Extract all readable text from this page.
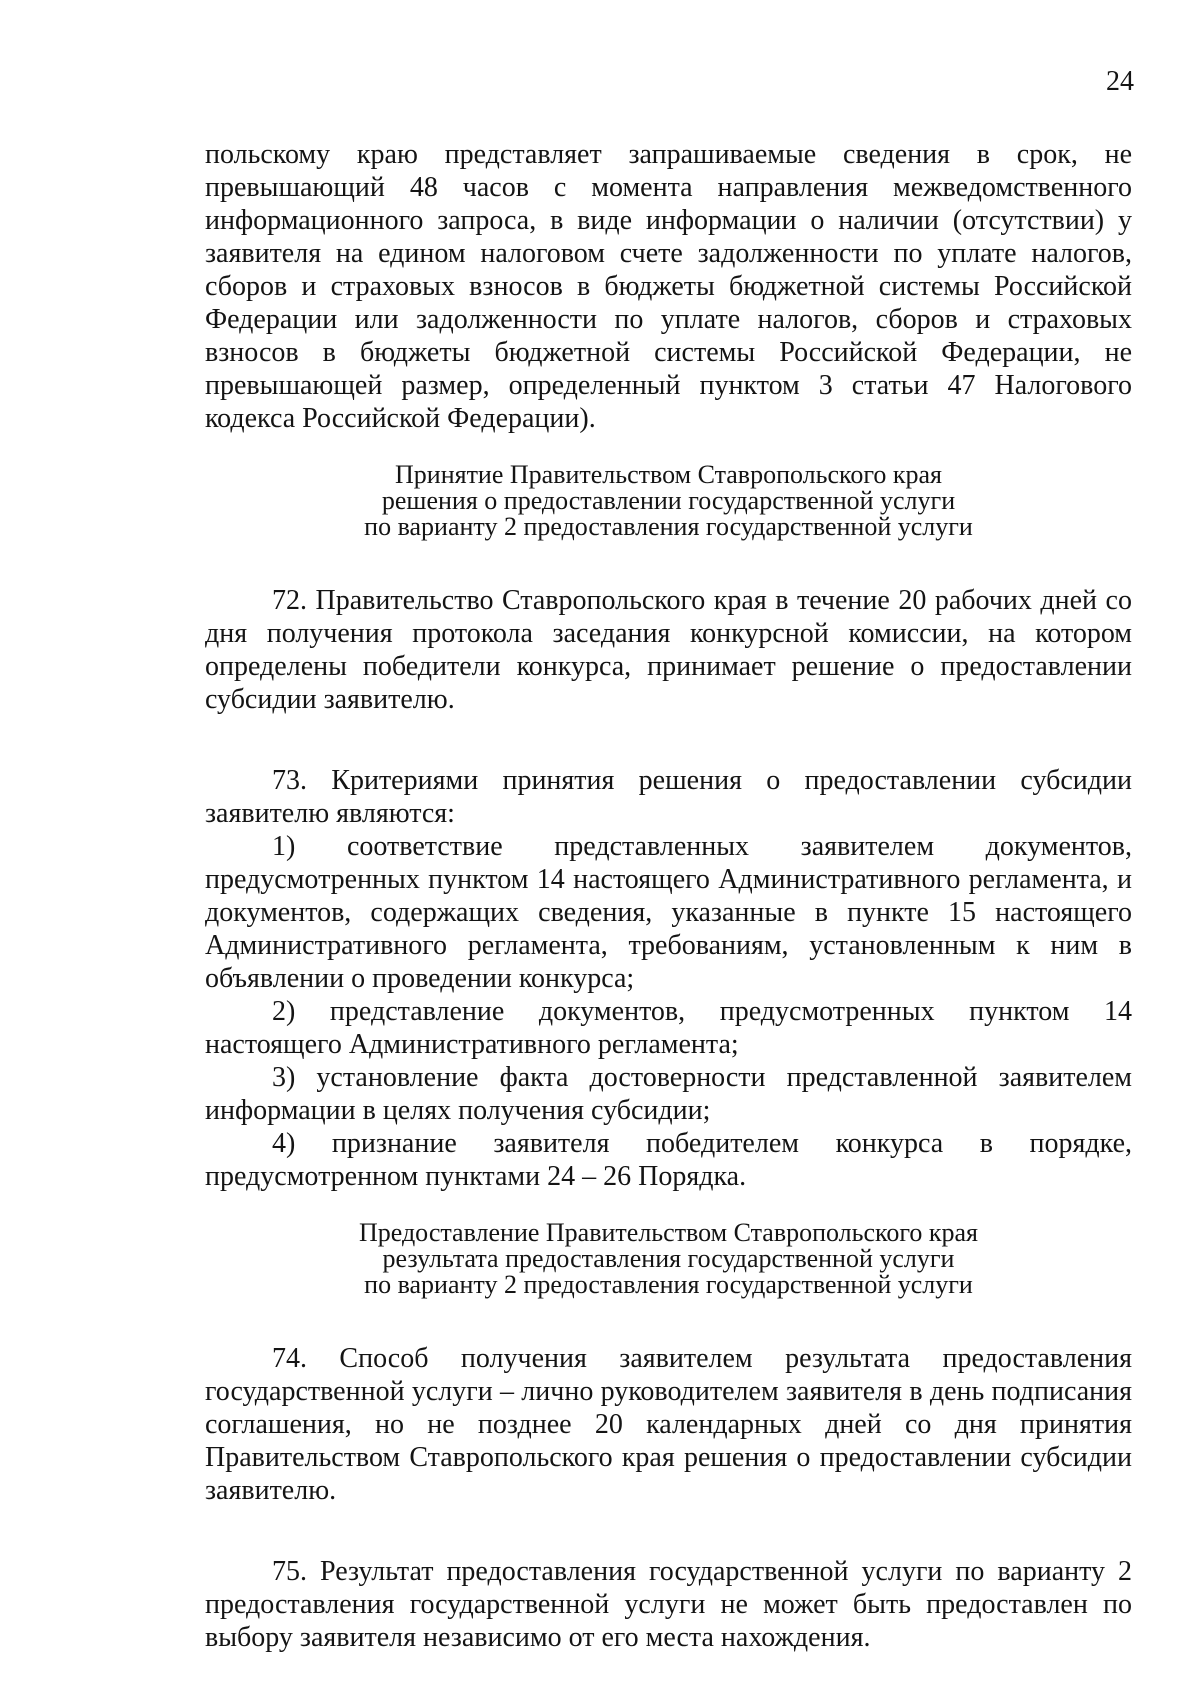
24

польскому краю представляет запрашиваемые сведения в срок, не превышающий 48 часов с момента направления межведомственного информационного запроса, в виде информации о наличии (отсутствии) у заявителя на едином налоговом счете задолженности по уплате налогов, сборов и страховых взносов в бюджеты бюджетной системы Российской Федерации или задолженности по уплате налогов, сборов и страховых взносов в бюджеты бюджетной системы Российской Федерации, не превышающей размер, определенный пунктом 3 статьи 47 Налогового кодекса Российской Федерации).

Принятие Правительством Ставропольского края
решения о предоставлении государственной услуги
по варианту 2 предоставления государственной услуги

72. Правительство Ставропольского края в течение 20 рабочих дней со дня получения протокола заседания конкурсной комиссии, на котором определены победители конкурса, принимает решение о предоставлении субсидии заявителю.

73. Критериями принятия решения о предоставлении субсидии заявителю являются:

1) соответствие представленных заявителем документов, предусмотренных пунктом 14 настоящего Административного регламента, и документов, содержащих сведения, указанные в пункте 15 настоящего Административного регламента, требованиям, установленным к ним в объявлении о проведении конкурса;

2) представление документов, предусмотренных пунктом 14 настоящего Административного регламента;

3) установление факта достоверности представленной заявителем информации в целях получения субсидии;

4) признание заявителя победителем конкурса в порядке, предусмотренном пунктами 24 – 26 Порядка.

Предоставление Правительством Ставропольского края
результата предоставления государственной услуги
по варианту 2 предоставления государственной услуги

74. Способ получения заявителем результата предоставления государственной услуги – лично руководителем заявителя в день подписания соглашения, но не позднее 20 календарных дней со дня принятия Правительством Ставропольского края решения о предоставлении субсидии заявителю.

75. Результат предоставления государственной услуги по варианту 2 предоставления государственной услуги не может быть предоставлен по выбору заявителя независимо от его места нахождения.
